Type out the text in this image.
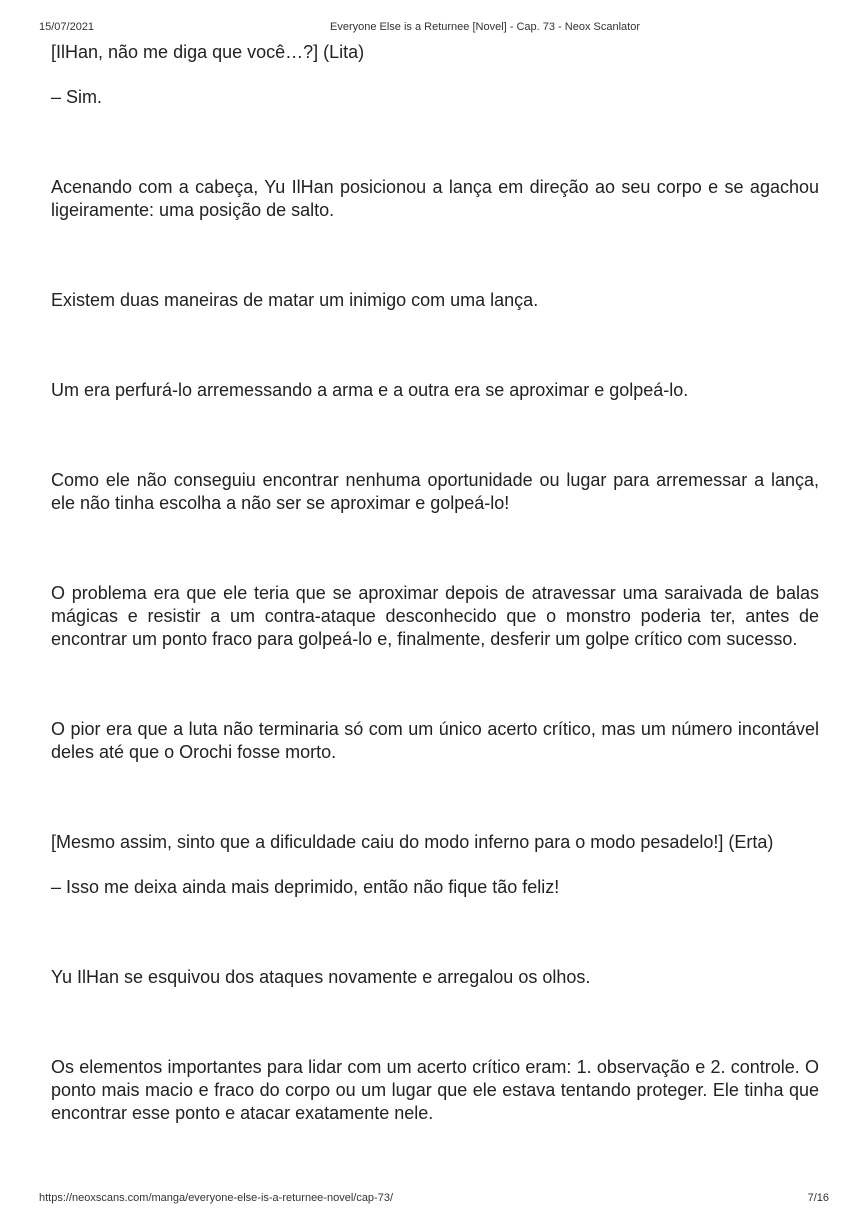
15/07/2021	Everyone Else is a Returnee [Novel] - Cap. 73 - Neox Scanlator

[IlHan, não me diga que você…?] (Lita)

– Sim.

Acenando com a cabeça, Yu IlHan posicionou a lança em direção ao seu corpo e se agachou ligeiramente: uma posição de salto.

Existem duas maneiras de matar um inimigo com uma lança.

Um era perfurá-lo arremessando a arma e a outra era se aproximar e golpeá-lo.

Como ele não conseguiu encontrar nenhuma oportunidade ou lugar para arremessar a lança, ele não tinha escolha a não ser se aproximar e golpeá-lo!

O problema era que ele teria que se aproximar depois de atravessar uma saraivada de balas mágicas e resistir a um contra-ataque desconhecido que o monstro poderia ter, antes de encontrar um ponto fraco para golpeá-lo e, finalmente, desferir um golpe crítico com sucesso.

O pior era que a luta não terminaria só com um único acerto crítico, mas um número incontável deles até que o Orochi fosse morto.

[Mesmo assim, sinto que a dificuldade caiu do modo inferno para o modo pesadelo!] (Erta)

– Isso me deixa ainda mais deprimido, então não fique tão feliz!

Yu IlHan se esquivou dos ataques novamente e arregalou os olhos.

Os elementos importantes para lidar com um acerto crítico eram: 1. observação e 2. controle. O ponto mais macio e fraco do corpo ou um lugar que ele estava tentando proteger. Ele tinha que encontrar esse ponto e atacar exatamente nele.

https://neoxscans.com/manga/everyone-else-is-a-returnee-novel/cap-73/	7/16
